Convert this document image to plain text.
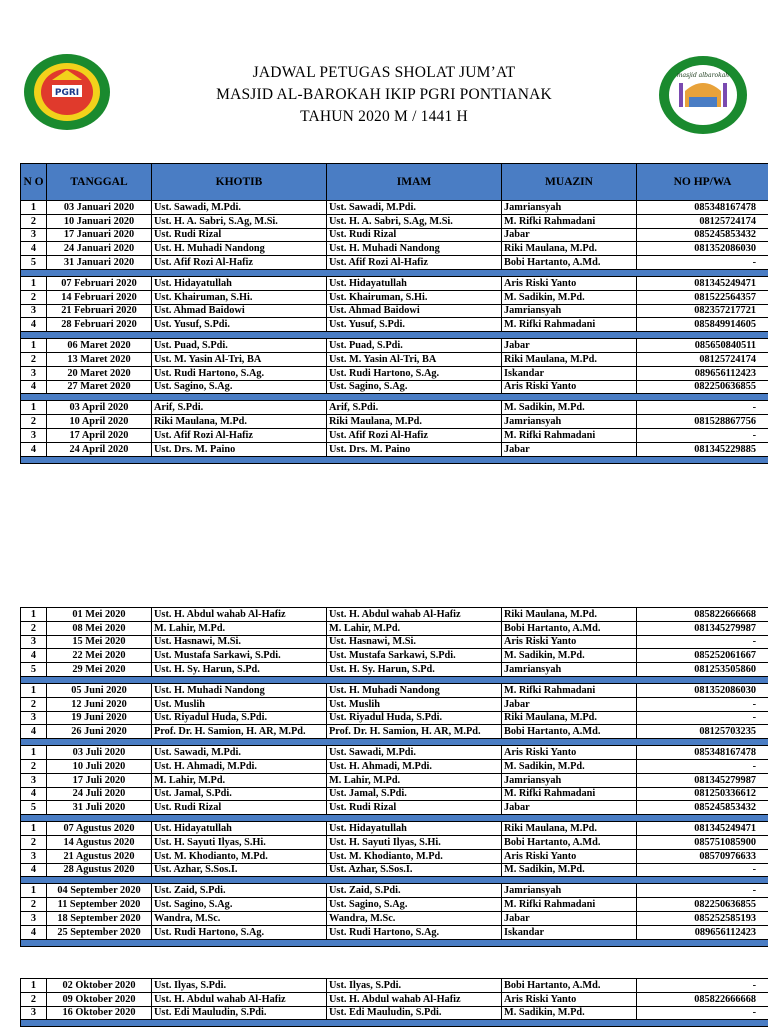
PGRI
JADWAL PETUGAS SHOLAT JUM’AT
MASJID AL-BAROKAH IKIP PGRI PONTIANAK
TAHUN 2020 M / 1441 H
masjid albarokah
N O	TANGGAL	KHOTIB	IMAM	MUAZIN	NO HP/WA
1	03 Januari 2020	Ust. Sawadi, M.Pdi.	Ust. Sawadi, M.Pdi.	Jamriansyah	085348167478
2	10 Januari 2020	Ust. H. A. Sabri, S.Ag, M.Si.	Ust. H. A. Sabri, S.Ag, M.Si.	M. Rifki Rahmadani	08125724174
3	17 Januari 2020	Ust. Rudi Rizal	Ust. Rudi Rizal	Jabar	085245853432
4	24 Januari 2020	Ust. H. Muhadi Nandong	Ust. H. Muhadi Nandong	Riki Maulana, M.Pd.	081352086030
5	31 Januari 2020	Ust. Afif Rozi Al-Hafiz	Ust. Afif Rozi Al-Hafiz	Bobi Hartanto, A.Md.	-

1	07 Februari 2020	Ust. Hidayatullah	Ust. Hidayatullah	Aris Riski Yanto	081345249471
2	14 Februari 2020	Ust. Khairuman, S.Hi.	Ust. Khairuman, S.Hi.	M. Sadikin, M.Pd.	081522564357
3	21 Februari 2020	Ust. Ahmad Baidowi	Ust. Ahmad Baidowi	Jamriansyah	082357217721
4	28 Februari 2020	Ust. Yusuf, S.Pdi.	Ust. Yusuf, S.Pdi.	M. Rifki Rahmadani	085849914605

1	06 Maret 2020	Ust. Puad, S.Pdi.	Ust. Puad, S.Pdi.	Jabar	085650840511
2	13 Maret 2020	Ust. M. Yasin Al-Tri, BA	Ust. M. Yasin Al-Tri, BA	Riki Maulana, M.Pd.	08125724174
3	20 Maret 2020	Ust. Rudi Hartono, S.Ag.	Ust. Rudi Hartono, S.Ag.	Iskandar	089656112423
4	27 Maret 2020	Ust. Sagino, S.Ag.	Ust. Sagino, S.Ag.	Aris Riski Yanto	082250636855

1	03 April 2020	Arif, S.Pdi.	Arif, S.Pdi.	M. Sadikin, M.Pd.	-
2	10 April 2020	Riki Maulana, M.Pd.	Riki Maulana, M.Pd.	Jamriansyah	081528867756
3	17 April 2020	Ust. Afif Rozi Al-Hafiz	Ust. Afif Rozi Al-Hafiz	M. Rifki Rahmadani	-
4	24 April 2020	Ust. Drs. M. Paino	Ust. Drs. M. Paino	Jabar	081345229885

1	01 Mei 2020	Ust. H. Abdul wahab Al-Hafiz	Ust. H. Abdul wahab Al-Hafiz	Riki Maulana, M.Pd.	085822666668
2	08 Mei 2020	M. Lahir, M.Pd.	M. Lahir, M.Pd.	Bobi Hartanto, A.Md.	081345279987
3	15 Mei 2020	Ust. Hasnawi, M.Si.	Ust. Hasnawi, M.Si.	Aris Riski Yanto	-
4	22 Mei 2020	Ust. Mustafa Sarkawi, S.Pdi.	Ust. Mustafa Sarkawi, S.Pdi.	M. Sadikin, M.Pd.	085252061667
5	29 Mei 2020	Ust. H. Sy. Harun, S.Pd.	Ust. H. Sy. Harun, S.Pd.	Jamriansyah	081253505860

1	05 Juni 2020	Ust. H. Muhadi Nandong	Ust. H. Muhadi Nandong	M. Rifki Rahmadani	081352086030
2	12 Juni 2020	Ust. Muslih	Ust. Muslih	Jabar	-
3	19 Juni 2020	Ust. Riyadul Huda, S.Pdi.	Ust. Riyadul Huda, S.Pdi.	Riki Maulana, M.Pd.	-
4	26 Juni 2020	Prof. Dr. H. Samion, H. AR, M.Pd.	Prof. Dr. H. Samion, H. AR, M.Pd.	Bobi Hartanto, A.Md.	08125703235

1	03 Juli 2020	Ust. Sawadi, M.Pdi.	Ust. Sawadi, M.Pdi.	Aris Riski Yanto	085348167478
2	10 Juli 2020	Ust. H. Ahmadi, M.Pdi.	Ust. H. Ahmadi, M.Pdi.	M. Sadikin, M.Pd.	-
3	17 Juli 2020	M. Lahir, M.Pd.	M. Lahir, M.Pd.	Jamriansyah	081345279987
4	24 Juli 2020	Ust. Jamal, S.Pdi.	Ust. Jamal, S.Pdi.	M. Rifki Rahmadani	081250336612
5	31 Juli 2020	Ust. Rudi Rizal	Ust. Rudi Rizal	Jabar	085245853432

1	07 Agustus 2020	Ust. Hidayatullah	Ust. Hidayatullah	Riki Maulana, M.Pd.	081345249471
2	14 Agustus 2020	Ust. H. Sayuti Ilyas, S.Hi.	Ust. H. Sayuti Ilyas, S.Hi.	Bobi Hartanto, A.Md.	085751085900
3	21 Agustus 2020	Ust. M. Khodianto, M.Pd.	Ust. M. Khodianto, M.Pd.	Aris Riski Yanto	08570976633
4	28 Agustus 2020	Ust. Azhar, S.Sos.I.	Ust. Azhar, S.Sos.I.	M. Sadikin, M.Pd.	-

1	04 September 2020	Ust. Zaid, S.Pdi.	Ust. Zaid, S.Pdi.	Jamriansyah	-
2	11 September 2020	Ust. Sagino, S.Ag.	Ust. Sagino, S.Ag.	M. Rifki Rahmadani	082250636855
3	18 September 2020	Wandra, M.Sc.	Wandra, M.Sc.	Jabar	085252585193
4	25 September 2020	Ust. Rudi Hartono, S.Ag.	Ust. Rudi Hartono, S.Ag.	Iskandar	089656112423

1	02 Oktober 2020	Ust. Ilyas, S.Pdi.	Ust. Ilyas, S.Pdi.	Bobi Hartanto, A.Md.	-
2	09 Oktober 2020	Ust. H. Abdul wahab Al-Hafiz	Ust. H. Abdul wahab Al-Hafiz	Aris Riski Yanto	085822666668
3	16 Oktober 2020	Ust. Edi Mauludin, S.Pdi.	Ust. Edi Mauludin, S.Pdi.	M. Sadikin, M.Pd.	-
